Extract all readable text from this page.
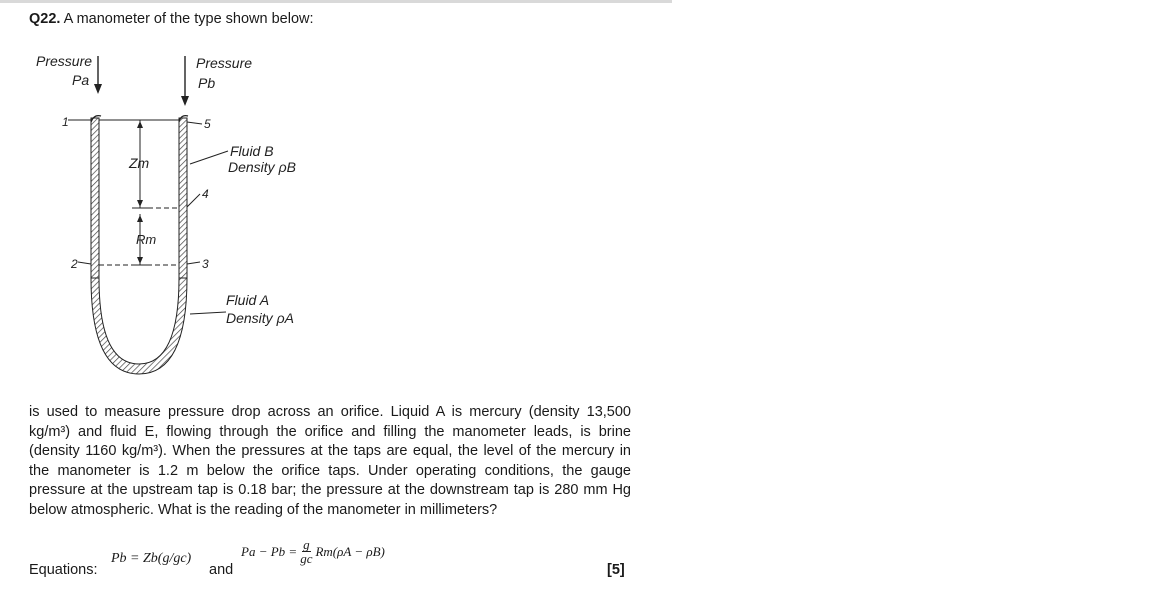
Q22. A manometer of the type shown below:
Pressure
Pa
Pressure
Pb
Zm
Rm
1
2	3
4
5
Fluid B
Density ρB
Fluid A
Density ρA

is used to measure pressure drop across an orifice. Liquid A is mercury (density 13,500 kg/m³) and fluid E, flowing through the orifice and filling the manometer leads, is brine (density 1160 kg/m³). When the pressures at the taps are equal, the level of the mercury in the manometer is 1.2 m below the orifice taps. Under operating conditions, the gauge pressure at the upstream tap is 0.18 bar; the pressure at the downstream tap is 280 mm Hg below atmospheric. What is the reading of the manometer in millimeters?

Equations:
Pb = Zb(g/gc)
and
$Pa - Pb = \frac{g}{gc} Rm(\rho A - \rho B)$
[5]
